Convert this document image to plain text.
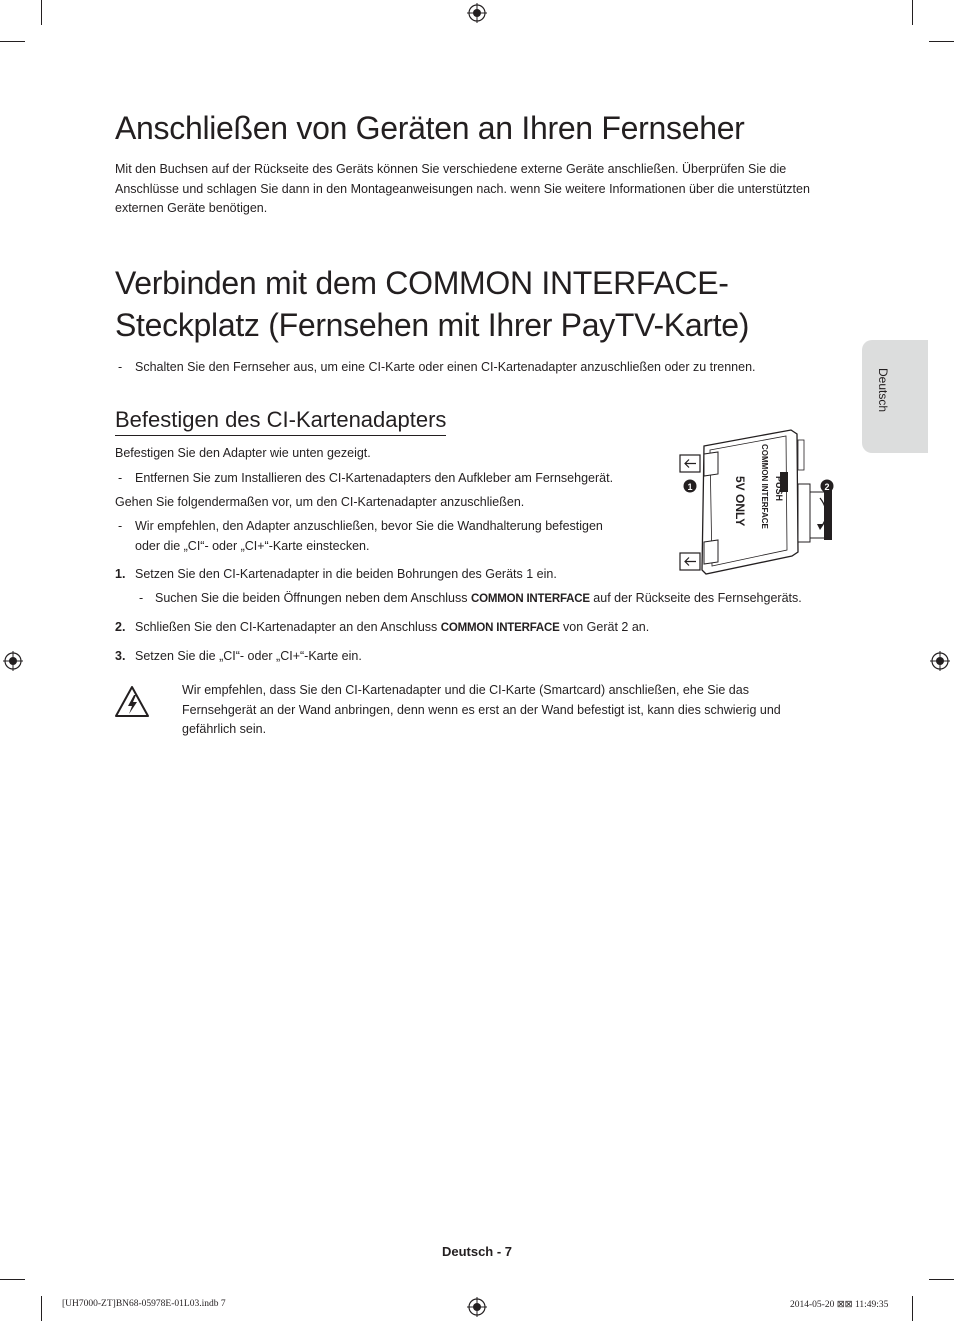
Deutsch
Anschließen von Geräten an Ihren Fernseher
Mit den Buchsen auf der Rückseite des Geräts können Sie verschiedene externe Geräte anschließen. Überprüfen Sie die
Anschlüsse und schlagen Sie dann in den Montageanweisungen nach. wenn Sie weitere Informationen über die unterstützten
externen Geräte benötigen.
Verbinden mit dem COMMON INTERFACE-
Steckplatz (Fernsehen mit Ihrer PayTV-Karte)
- Schalten Sie den Fernseher aus, um eine CI-Karte oder einen CI-Kartenadapter anzuschließen oder zu trennen.
Befestigen des CI-Kartenadapters
Befestigen Sie den Adapter wie unten gezeigt.
- Entfernen Sie zum Installieren des CI-Kartenadapters den Aufkleber am Fernsehgerät.
Gehen Sie folgendermaßen vor, um den CI-Kartenadapter anzuschließen.
- Wir empfehlen, den Adapter anzuschließen, bevor Sie die Wandhalterung befestigen
oder die „CI“- oder „CI+“-Karte einstecken.
1. Setzen Sie den CI-Kartenadapter in die beiden Bohrungen des Geräts 1 ein.
- Suchen Sie die beiden Öffnungen neben dem Anschluss COMMON INTERFACE auf der Rückseite des Fernsehgeräts.
2. Schließen Sie den CI-Kartenadapter an den Anschluss COMMON INTERFACE von Gerät 2 an.
3. Setzen Sie die „CI“- oder „CI+“-Karte ein.
Wir empfehlen, dass Sie den CI-Kartenadapter und die CI-Karte (Smartcard) anschließen, ehe Sie das
Fernsehgerät an der Wand anbringen, denn wenn es erst an der Wand befestigt ist, kann dies schwierig und
gefährlich sein.
PUSH
COMMON INTERFACE
5V ONLY
1	2
Deutsch - 7
[UH7000-ZT]BN68-05978E-01L03.indb 7	2014-05-20 ⊠⊠ 11:49:35
